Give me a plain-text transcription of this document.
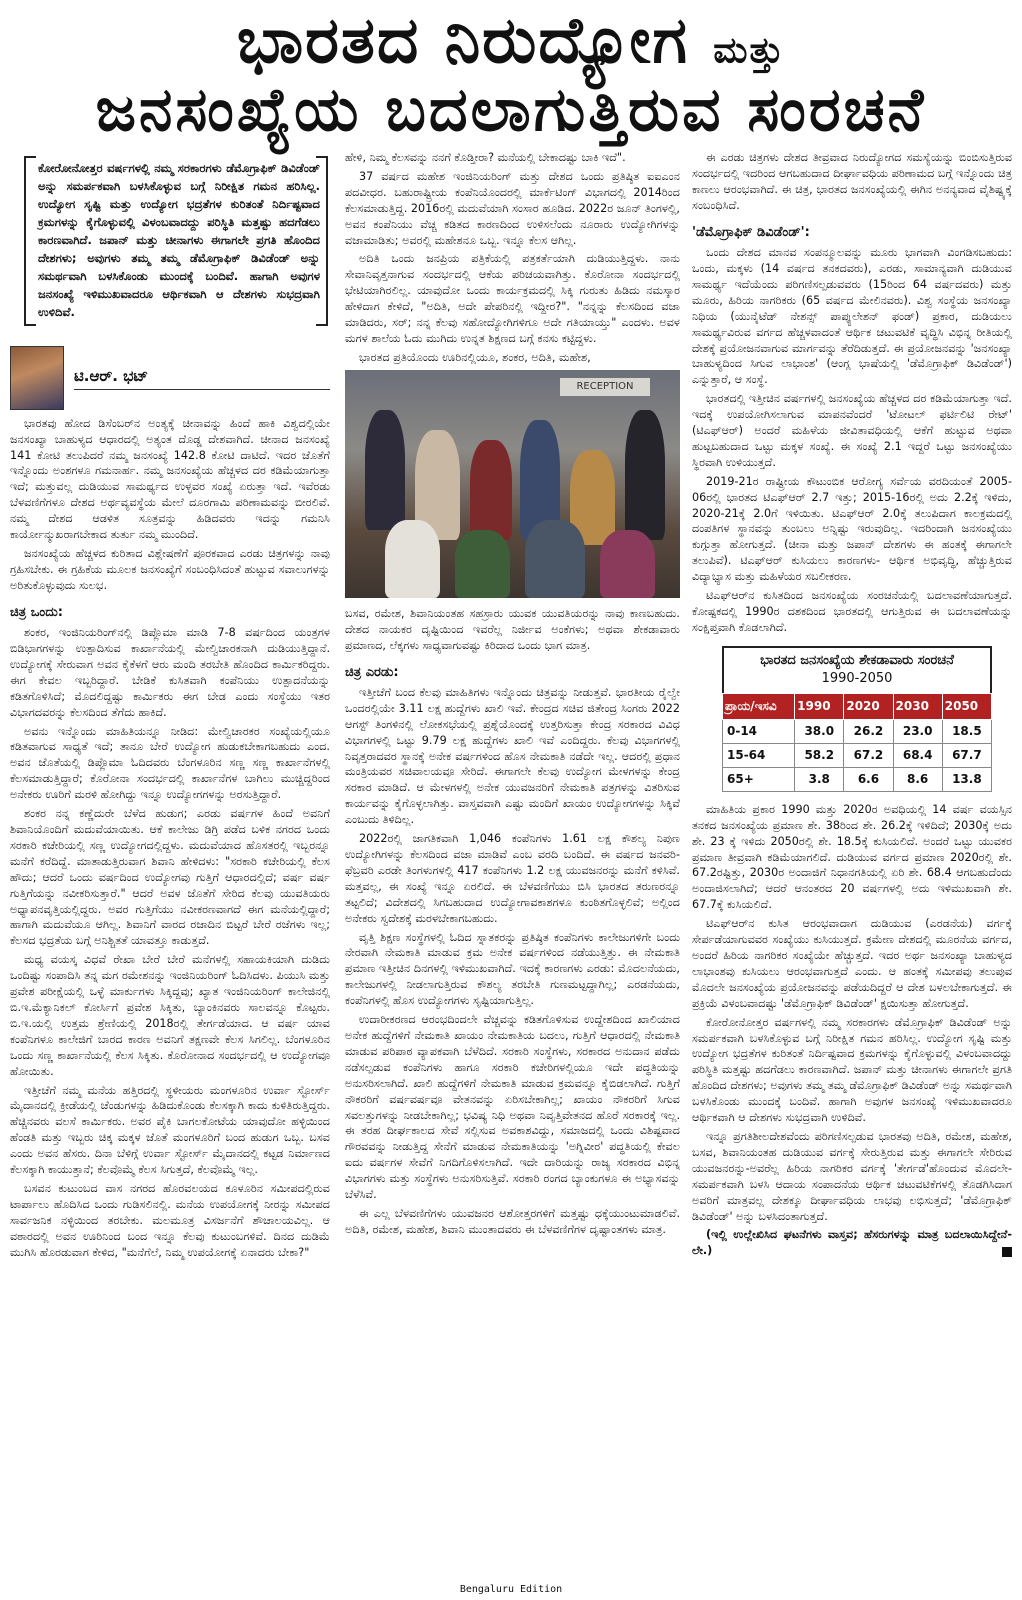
ಭಾರತದ ನಿರುದ್ಯೋಗ ಮತ್ತು
ಜನಸಂಖ್ಯೆಯ ಬದಲಾಗುತ್ತಿರುವ ಸಂರಚನೆ
ಕೋರೋನೋತ್ತರ ವರ್ಷಗಳಲ್ಲಿ ನಮ್ಮ ಸರಕಾರಗಳು ಡೆಮೊಗ್ರಾಫಿಕ್ ಡಿವಿಡೆಂಡ್ ಅನ್ನು ಸಮರ್ಪಕವಾಗಿ ಬಳಸಿಕೊಳ್ಳುವ ಬಗ್ಗೆ ನಿರೀಕ್ಷಿತ ಗಮನ ಹರಿಸಿಲ್ಲ. ಉದ್ಯೋಗ ಸೃಷ್ಟಿ ಮತ್ತು ಉದ್ಯೋಗ ಭದ್ರತೆಗಳ ಕುರಿತಂತೆ ನಿರ್ದಿಷ್ಟವಾದ ಕ್ರಮಗಳನ್ನು ಕೈಗೊಳ್ಳುವಲ್ಲಿ ವಿಳಂಬವಾದದ್ದು ಪರಿಸ್ಥಿತಿ ಮತ್ತಷ್ಟು ಹದಗೆಡಲು ಕಾರಣವಾಗಿದೆ. ಜಪಾನ್ ಮತ್ತು ಚೀನಾಗಳು ಈಗಾಗಲೇ ಪ್ರಗತಿ ಹೊಂದಿದ ದೇಶಗಳು; ಅವುಗಳು ತಮ್ಮ ತಮ್ಮ ಡೆಮೊಗ್ರಾಫಿಕ್ ಡಿವಿಡೆಂಡ್ ಅನ್ನು ಸಮರ್ಥವಾಗಿ ಬಳಸಿಕೊಂಡು ಮುಂದಕ್ಕೆ ಬಂದಿವೆ. ಹಾಗಾಗಿ ಅವುಗಳ ಜನಸಂಖ್ಯೆ ಇಳಿಮುಖವಾದರೂ ಆರ್ಥಿಕವಾಗಿ ಆ ದೇಶಗಳು ಸುಭದ್ರವಾಗಿ ಉಳಿದಿವೆ.
ಟಿ.ಆರ್. ಭಟ್

ಭಾರತವು ಹೋದ ಡಿಸೆಂಬರ್‌ನ ಅಂತ್ಯಕ್ಕೆ ಚೀನಾವನ್ನು ಹಿಂದೆ ಹಾಕಿ ವಿಶ್ವದಲ್ಲಿಯೇ ಜನಸಂಖ್ಯಾ ಬಾಹುಳ್ಯದ ಆಧಾರದಲ್ಲಿ ಅತ್ಯಂತ ದೊಡ್ಡ ದೇಶವಾಗಿದೆ. ಚೀನಾದ ಜನಸಂಖ್ಯೆ 141 ಕೋಟಿ ತಲುಪಿದರೆ ನಮ್ಮ ಜನಸಂಖ್ಯೆ 142.8 ಕೋಟಿ ದಾಟಿದೆ. ಇದರ ಜೊತೆಗೆ ಇನ್ನೊಂದು ಅಂಶಗಳೂ ಗಮನಾರ್ಹ. ನಮ್ಮ ಜನಸಂಖ್ಯೆಯ ಹೆಚ್ಚಳದ ದರ ಕಡಿಮೆಯಾಗುತ್ತಾ ಇದೆ; ಮತ್ತುವಲ್ಲ ದುಡಿಯುವ ಸಾಮರ್ಥ್ಯದ ಉಳ್ಳವರ ಸಂಖ್ಯೆ ಏರುತ್ತಾ ಇದೆ. ಇವೆರಡು ಬೆಳವಣಿಗೆಗಳೂ ದೇಶದ ಅರ್ಥವ್ಯವಸ್ಥೆಯ ಮೇಲೆ ದೂರಗಾಮಿ ಪರಿಣಾಮವನ್ನು ಬೀರಲಿವೆ. ನಮ್ಮ ದೇಶದ ಆಡಳಿತ ಸೂತ್ರವನ್ನು ಹಿಡಿದವರು ಇದನ್ನು ಗಮನಿಸಿ ಕಾರ್ಯೋನ್ಮುಖರಾಗಬೇಕಾದ ತುರ್ತು ನಮ್ಮ ಮುಂದಿದೆ.

ಜನಸಂಖ್ಯೆಯ ಹೆಚ್ಚಳದ ಕುರಿತಾದ ವಿಶ್ಲೇಷಣೆಗೆ ಪೂರಕವಾದ ಎರಡು ಚಿತ್ರಗಳನ್ನು ನಾವು ಗ್ರಹಿಸಬೇಕು. ಈ ಗ್ರಹಿಕೆಯ ಮೂಲಕ ಜನಸಂಖ್ಯೆಗೆ ಸಂಬಂಧಿಸಿದಂತೆ ಹುಟ್ಟುವ ಸವಾಲುಗಳನ್ನು ಅರಿತುಕೊಳ್ಳುವುದು ಸುಲಭ.

ಚಿತ್ರ ಒಂದು:

ಶಂಕರ, ಇಂಜಿನಿಯರಿಂಗ್‌ನಲ್ಲಿ ಡಿಪ್ಲೊಮಾ ಮಾಡಿ 7-8 ವರ್ಷದಿಂದ ಯಂತ್ರಗಳ ಬಿಡಿಭಾಗಗಳನ್ನು ಉತ್ಪಾದಿಸುವ ಕಾರ್ಖಾನೆಯಲ್ಲಿ ಮೇಲ್ವಿಚಾರಕನಾಗಿ ದುಡಿಯುತ್ತಿದ್ದಾನೆ. ಉದ್ಯೋಗಕ್ಕೆ ಸೇರುವಾಗ ಅವನ ಕೈಕೆಳಗೆ ಆರು ಮಂದಿ ತರಬೇತಿ ಹೊಂದಿದ ಕಾರ್ಮಿಕರಿದ್ದರು. ಈಗ ಕೇವಲ ಇಬ್ಬರಿದ್ದಾರೆ. ಬೇಡಿಕೆ ಕುಸಿತವಾಗಿ ಕಂಪೆನಿಯು ಉತ್ಪಾದನೆಯನ್ನು ಕಡಿತಗೊಳಿಸಿದೆ; ಮೊದಲಿದ್ದಷ್ಟು ಕಾರ್ಮಿಕರು ಈಗ ಬೇಡ ಎಂದು ಸಂಸ್ಥೆಯು ಇತರ ವಿಭಾಗದವರನ್ನು ಕೆಲಸದಿಂದ ತೆಗೆದು ಹಾಕಿದೆ.

ಅವನು ಇನ್ನೊಂದು ಮಾಹಿತಿಯನ್ನೂ ನೀಡಿದ: ಮೇಲ್ವಿಚಾರಕರ ಸಂಖ್ಯೆಯಲ್ಲಿಯೂ ಕಡಿತವಾಗುವ ಸಾಧ್ಯತೆ ಇದೆ; ತಾನೂ ಬೇರೆ ಉದ್ಯೋಗ ಹುಡುಕಬೇಕಾಗಬಹುದು ಎಂದ. ಅವನ ಜೊತೆಯಲ್ಲಿ ಡಿಪ್ಲೊಮಾ ಓದಿದವರು ಬೆಂಗಳೂರಿನ ಸಣ್ಣ ಸಣ್ಣ ಕಾರ್ಖಾನೆಗಳಲ್ಲಿ ಕೆಲಸಮಾಡುತ್ತಿದ್ದಾರೆ; ಕೊರೋನಾ ಸಂದರ್ಭದಲ್ಲಿ ಕಾರ್ಖಾನೆಗಳ ಬಾಗಿಲು ಮುಚ್ಚಿದ್ದರಿಂದ ಅನೇಕರು ಊರಿಗೆ ಮರಳಿ ಹೋಗಿದ್ದು ಇನ್ನೂ ಉದ್ಯೋಗಗಳನ್ನು ಅರಸುತ್ತಿದ್ದಾರೆ.

ಶಂಕರ ನನ್ನ ಕಣ್ಣೆದುರೇ ಬೆಳೆದ ಹುಡುಗ; ಎರಡು ವರ್ಷಗಳ ಹಿಂದೆ ಅವನಿಗೆ ಶಿವಾನಿಯೊಂದಿಗೆ ಮದುವೆಯಾಯಿತು. ಆಕೆ ಕಾಲೇಜು ಡಿಗ್ರಿ ಪಡೆದ ಬಳಿಕ ನಗರದ ಒಂದು ಸರಕಾರಿ ಕಚೇರಿಯಲ್ಲಿ ಸಣ್ಣ ಉದ್ಯೋಗದಲ್ಲಿದ್ದಳು. ಮದುವೆಯಾದ ಹೊಸತರಲ್ಲಿ ಇಬ್ಬರನ್ನೂ ಮನೆಗೆ ಕರೆದಿದ್ದೆ. ಮಾತಾಡುತ್ತಿರುವಾಗ ಶಿವಾನಿ ಹೇಳಿದಳು: "ಸರಕಾರಿ ಕಚೇರಿಯಲ್ಲಿ ಕೆಲಸ ಹೌದು; ಆದರೆ ಒಂದು ವರ್ಷದಿಂದ ಉದ್ಯೋಗವು ಗುತ್ತಿಗೆ ಆಧಾರದಲ್ಲಿದೆ; ವರ್ಷ ವರ್ಷ ಗುತ್ತಿಗೆಯನ್ನು ನವೀಕರಿಸುತ್ತಾರೆ." ಆದರೆ ಅವಳ ಜೊತೆಗೆ ಸೇರಿದ ಕೆಲವು ಯುವತಿಯರು ಅಧ್ಯಾಪನವೃತ್ತಿಯಲ್ಲಿದ್ದರು. ಅವರ ಗುತ್ತಿಗೆಯು ನವೀಕರಣವಾಗದೆ ಈಗ ಮನೆಯಲ್ಲಿದ್ದಾರೆ; ಹಾಗಾಗಿ ಮದುವೆಯೂ ಆಗಿಲ್ಲ. ಶಿವಾನಿಗೆ ವಾರದ ರಜಾದಿನ ಬಿಟ್ಟರೆ ಬೇರೆ ರಜೆಗಳು ಇಲ್ಲ; ಕೆಲಸದ ಭದ್ರತೆಯ ಬಗ್ಗೆ ಅನಿಶ್ಚಿತತೆ ಯಾವತ್ತೂ ಕಾಡುತ್ತದೆ.

ಮಧ್ಯ ವಯಸ್ಕ ವಿಧವೆ ರೇಖಾ ಬೇರೆ ಬೇರೆ ಮನೆಗಳಲ್ಲಿ ಸಹಾಯಕಿಯಾಗಿ ದುಡಿದು ಒಂದಿಷ್ಟು ಸಂಪಾದಿಸಿ ತನ್ನ ಮಗ ರಮೇಶನನ್ನು ಇಂಜಿನಿಯರಿಂಗ್ ಓದಿಸಿದಳು. ಪಿಯುಸಿ ಮತ್ತು ಪ್ರವೇಶ ಪರೀಕ್ಷೆಯಲ್ಲಿ ಒಳ್ಳೆ ಮಾರ್ಕುಗಳು ಸಿಕ್ಕಿದ್ದವು; ಖ್ಯಾತ ಇಂಜಿನಿಯರಿಂಗ್ ಕಾಲೇಜಿನಲ್ಲಿ ಬಿ.ಇ.ಮೆಕ್ಯಾನಿಕಲ್ ಕೋರ್ಸಿಗೆ ಪ್ರವೇಶ ಸಿಕ್ಕಿತು, ಬ್ಯಾಂಕಿನವರು ಸಾಲವನ್ನೂ ಕೊಟ್ಟರು. ಬಿ.ಇ.ಯಲ್ಲಿ ಉತ್ತಮ ಶ್ರೇಣಿಯಲ್ಲಿ 2018ರಲ್ಲಿ ತೇರ್ಗಡೆಯಾದ. ಆ ವರ್ಷ ಯಾವ ಕಂಪೆನಿಗಳೂ ಕಾಲೇಜಿಗೆ ಬಾರದ ಕಾರಣ ಅವನಿಗೆ ತಕ್ಷಣವೇ ಕೆಲಸ ಸಿಗಲಿಲ್ಲ. ಬೆಂಗಳೂರಿನ ಒಂದು ಸಣ್ಣ ಕಾರ್ಖಾನೆಯಲ್ಲಿ ಕೆಲಸ ಸಿಕ್ಕಿತು. ಕೊರೋನಾದ ಸಂದರ್ಭದಲ್ಲಿ ಆ ಉದ್ಯೋಗವೂ ಹೋಯಿತು.

ಇತ್ತೀಚೆಗೆ ನಮ್ಮ ಮನೆಯ ಹತ್ತಿರದಲ್ಲಿ ಸ್ಥಳೀಯರು ಮಂಗಳೂರಿನ ಉರ್ವಾ ಸ್ಟೋರ್ಸ್ ಮೈದಾನದಲ್ಲಿ ಕ್ರೀಡೆಯಲ್ಲಿ ಚೆಂಡುಗಳನ್ನು ಹಿಡಿದುಕೊಂಡು ಕೆಲಸಕ್ಕಾಗಿ ಕಾದು ಕುಳಿತಿರುತ್ತಿದ್ದರು. ಹೆಚ್ಚಿನವರು ವಲಸೆ ಕಾರ್ಮಿಕರು. ಅವರ ಪೈಕಿ ಬಾಗಲಕೋಟೆಯ ಯಾವುದೋ ಹಳ್ಳಿಯಿಂದ ಹೆಂಡತಿ ಮತ್ತು ಇಬ್ಬರು ಚಿಕ್ಕ ಮಕ್ಕಳ ಜೊತೆ ಮಂಗಳೂರಿಗೆ ಬಂದ ಹುಡುಗ ಒಬ್ಬ. ಬಸವ ಎಂದು ಅವನ ಹೆಸರು. ದಿನಾ ಬೆಳಿಗ್ಗೆ ಉರ್ವಾ ಸ್ಟೋರ್ಸ್ ಮೈದಾನದಲ್ಲಿ ಕಟ್ಟಡ ನಿರ್ಮಾಣದ ಕೆಲಸಕ್ಕಾಗಿ ಕಾಯುತ್ತಾನೆ; ಕೆಲವೊಮ್ಮೆ ಕೆಲಸ ಸಿಗುತ್ತದೆ, ಕೆಲವೊಮ್ಮೆ ಇಲ್ಲ.

ಬಸವನ ಕುಟುಂಬದ ವಾಸ ನಗರದ ಹೊರವಲಯದ ಕೂಳೂರಿನ ಸಮೀಪದಲ್ಲಿರುವ ಟಾರ್ಪಾಲು ಹೊದಿಸಿದ ಒಂದು ಗುಡಿಸಲಿನಲ್ಲಿ. ಮನೆಯ ಉಪಯೋಗಕ್ಕೆ ನೀರನ್ನು ಸಮೀಪದ ಸಾರ್ವಜನಿಕ ನಳ್ಳಿಯಿಂದ ತರಬೇಕು. ಮಲಮೂತ್ರ ವಿಸರ್ಜನೆಗೆ ಶೌಚಾಲಯವಿಲ್ಲ. ಆ ವಠಾರದಲ್ಲಿ ಅವನ ಊರಿನಿಂದ ಬಂದ ಇನ್ನೂ ಕೆಲವು ಕುಟುಂಬಗಳಿವೆ. ದಿನದ ದುಡಿಮೆ ಮುಗಿಸಿ ಹೊರಡುವಾಗ ಕೇಳಿದ, "ಮನೆಗೆಲೆ, ನಿಮ್ಮ ಉಪಯೋಗಕ್ಕೆ ಏನಾದರು ಬೇಕಾ?"

ಹೇಳಿ, ನಿಮ್ಮ ಕೆಲಸವನ್ನು ನನಗೆ ಕೊಡ್ತೀರಾ? ಮನೆಯಲ್ಲಿ ಬೇಕಾದಷ್ಟು ಬಾಕಿ ಇದೆ".

37 ವರ್ಷದ ಮಹೇಶ ಇಂಜಿನಿಯರಿಂಗ್ ಮತ್ತು ದೇಶದ ಒಂದು ಪ್ರತಿಷ್ಠಿತ ಐಐಎಂನ ಪದವೀಧರ. ಬಹುರಾಷ್ಟ್ರೀಯ ಕಂಪೆನಿಯೊಂದರಲ್ಲಿ ಮಾರ್ಕೆಟಿಂಗ್ ವಿಭಾಗದಲ್ಲಿ 2014ರಿಂದ ಕೆಲಸಮಾಡುತ್ತಿದ್ದ. 2016ರಲ್ಲಿ ಮದುವೆಯಾಗಿ ಸಂಸಾರ ಹೂಡಿದ. 2022ರ ಜೂನ್ ತಿಂಗಳಲ್ಲಿ, ಅವನ ಕಂಪೆನಿಯು ವೆಚ್ಚ ಕಡಿತದ ಕಾರಣದಿಂದ ಉಳಿಸಲೆಂದು ನೂರಾರು ಉದ್ಯೋಗಿಗಳನ್ನು ವಜಾಮಾಡಿತು; ಅವರಲ್ಲಿ ಮಹೇಶನೂ ಒಬ್ಬ. ಇನ್ನೂ ಕೆಲಸ ಆಗಿಲ್ಲ.

ಅದಿತಿ ಒಂದು ಜನಪ್ರಿಯ ಪತ್ರಿಕೆಯಲ್ಲಿ ಪತ್ರಕರ್ತೆಯಾಗಿ ದುಡಿಯುತ್ತಿದ್ದಳು. ನಾನು ಸೇವಾನಿವೃತ್ತನಾಗುವ ಸಂದರ್ಭದಲ್ಲಿ ಆಕೆಯ ಪರಿಚಯವಾಗಿತ್ತು. ಕೊರೋನಾ ಸಂದರ್ಭದಲ್ಲಿ ಭೇಟಿಯಾಗಿರಲಿಲ್ಲ. ಯಾವುದೋ ಒಂದು ಕಾರ್ಯಕ್ರಮದಲ್ಲಿ ಸಿಕ್ಕಿ ಗುರುತು ಹಿಡಿದು ನಮಸ್ಕಾರ ಹೇಳಿದಾಗ ಕೇಳಿದೆ, "ಅದಿತಿ, ಅದೇ ಪೇಪರಿನಲ್ಲಿ ಇದ್ದೀರ?". "ನನ್ನನ್ನು ಕೆಲಸದಿಂದ ವಜಾ ಮಾಡಿದರು, ಸರ್; ನನ್ನ ಕೆಲವು ಸಹೋದ್ಯೋಗಿಗಳಿಗೂ ಅದೇ ಗತಿಯಾಯ್ತು" ಎಂದಳು. ಅವಳ ಮಗಳ ಶಾಲೆಯ ಓದು ಮುಗಿದು ಉನ್ನತ ಶಿಕ್ಷಣದ ಬಗ್ಗೆ ಕನಸು ಕಟ್ಟಿದ್ದಳು.

ಭಾರತದ ಪ್ರತಿಯೊಂದು ಊರಿನಲ್ಲಿಯೂ, ಶಂಕರ, ಅದಿತಿ, ಮಹೇಶ,

RECEPTION

ಬಸವ, ರಮೇಶ, ಶಿವಾನಿಯಂತಹ ಸಹಸ್ರಾರು ಯುವಕ ಯುವತಿಯರನ್ನು ನಾವು ಕಾಣಬಹುದು. ದೇಶದ ನಾಯಕರ ದೃಷ್ಟಿಯಿಂದ ಇವರೆಲ್ಲ ನಿರ್ಜೀವ ಅಂಕೆಗಳು; ಅಥವಾ ಶೇಕಡಾವಾರು ಪ್ರಮಾಣದ, ಲೆಕ್ಕಗಳು ಸಾಧ್ಯವಾಗುವಷ್ಟು ಕಿರಿದಾದ ಒಂದು ಭಾಗ ಮಾತ್ರ.

ಚಿತ್ರ ಎರಡು:

ಇತ್ತೀಚೆಗೆ ಬಂದ ಕೆಲವು ಮಾಹಿತಿಗಳು ಇನ್ನೊಂದು ಚಿತ್ರವನ್ನು ನೀಡುತ್ತವೆ. ಭಾರತೀಯ ರೈಲ್ವೇ ಒಂದರಲ್ಲಿಯೇ 3.11 ಲಕ್ಷ ಹುದ್ದೆಗಳು ಖಾಲಿ ಇವೆ. ಕೇಂದ್ರದ ಸಚಿವ ಜಿತೇಂದ್ರ ಸಿಂಗರು 2022 ಆಗಸ್ಟ್ ತಿಂಗಳಿನಲ್ಲಿ ಲೋಕಸಭೆಯಲ್ಲಿ ಪ್ರಶ್ನೆಯೊಂದಕ್ಕೆ ಉತ್ತರಿಸುತ್ತಾ ಕೇಂದ್ರ ಸರಕಾರದ ವಿವಿಧ ವಿಭಾಗಗಳಲ್ಲಿ ಒಟ್ಟು 9.79 ಲಕ್ಷ ಹುದ್ದೆಗಳು ಖಾಲಿ ಇವೆ ಎಂದಿದ್ದರು. ಕೆಲವು ವಿಭಾಗಗಳಲ್ಲಿ ನಿವೃತ್ತರಾದವರ ಸ್ಥಾನಕ್ಕೆ ಅನೇಕ ವರ್ಷಗಳಿಂದ ಹೊಸ ನೇಮಕಾತಿ ನಡೆದೇ ಇಲ್ಲ. ಆದರಲ್ಲಿ ಪ್ರಧಾನ ಮಂತ್ರಿಯವರ ಸಚಿವಾಲಯವೂ ಸೇರಿದೆ. ಈಗಾಗಲೇ ಕೆಲವು ಉದ್ಯೋಗ ಮೇಳಗಳನ್ನು ಕೇಂದ್ರ ಸರಕಾರ ಮಾಡಿದೆ. ಆ ಮೇಳಗಳಲ್ಲಿ ಅನೇಕ ಯುವಜನರಿಗೆ ನೇಮಕಾತಿ ಪತ್ರಗಳನ್ನು ವಿತರಿಸುವ ಕಾರ್ಯವನ್ನು ಕೈಗೊಳ್ಳಲಾಗಿತ್ತು. ವಾಸ್ತವವಾಗಿ ಎಷ್ಟು ಮಂದಿಗೆ ಖಾಯಂ ಉದ್ಯೋಗಗಳನ್ನು ಸಿಕ್ಕಿವೆ ಎಂಬುದು ತಿಳಿದಿಲ್ಲ.

2022ರಲ್ಲಿ ಜಾಗತಿಕವಾಗಿ 1,046 ಕಂಪೆನಿಗಳು 1.61 ಲಕ್ಷ ಕೌಶಲ್ಯ ನಿಪುಣ ಉದ್ಯೋಗಿಗಳನ್ನು ಕೆಲಸದಿಂದ ವಜಾ ಮಾಡಿವೆ ಎಂಬ ವರದಿ ಬಂದಿದೆ. ಈ ವರ್ಷದ ಜನವರಿ-ಫೆಬ್ರವರಿ ಎರಡೇ ತಿಂಗಳುಗಳಲ್ಲಿ 417 ಕಂಪೆನಿಗಳು 1.2 ಲಕ್ಷ ಯುವಜನರನ್ನು ಮನೆಗೆ ಕಳಿಸಿವೆ. ಮತ್ತವಲ್ಲ, ಈ ಸಂಖ್ಯೆ ಇನ್ನೂ ಏರಲಿದೆ. ಈ ಬೆಳವಣಿಗೆಯು ಬಿಸಿ ಭಾರತದ ತರುಣರನ್ನೂ ತಟ್ಟಲಿದೆ; ವಿದೇಶದಲ್ಲಿ ಸಿಗಬಹುದಾದ ಉದ್ಯೋಗಾವಕಾಶಗಳೂ ಕುಂಠಿತಗೊಳ್ಳಲಿವೆ; ಅಲ್ಲಿಂದ ಅನೇಕರು ಸ್ವದೇಶಕ್ಕೆ ಮರಳಬೇಕಾಗಬಹುದು.

ವೃತ್ತಿ ಶಿಕ್ಷಣ ಸಂಸ್ಥೆಗಳಲ್ಲಿ ಓದಿದ ಸ್ನಾತಕರನ್ನು ಪ್ರತಿಷ್ಠಿತ ಕಂಪೆನಿಗಳು ಕಾಲೇಜುಗಳಿಗೇ ಬಂದು ನೇರವಾಗಿ ನೇಮಕಾತಿ ಮಾಡುವ ಕ್ರಮ ಅನೇಕ ವರ್ಷಗಳಿಂದ ನಡೆಯುತ್ತಿತ್ತು. ಈ ನೇಮಕಾತಿ ಪ್ರಮಾಣ ಇತ್ತೀಚಿನ ದಿನಗಳಲ್ಲಿ ಇಳಿಮುಖವಾಗಿದೆ. ಇದಕ್ಕೆ ಕಾರಣಗಳು ಎರಡು: ಮೊದಲನೆಯದು, ಕಾಲೇಜುಗಳಲ್ಲಿ ನೀಡಲಾಗುತ್ತಿರುವ ಕೌಶಲ್ಯ ತರಬೇತಿ ಗುಣಮಟ್ಟದ್ದಾಗಿಲ್ಲ; ಎರಡನೆಯದು, ಕಂಪೆನಿಗಳಲ್ಲಿ ಹೊಸ ಉದ್ಯೋಗಗಳು ಸೃಷ್ಟಿಯಾಗುತ್ತಿಲ್ಲ.

ಉದಾರೀಕರಣದ ಆರಂಭದಿಂದಲೇ ವೆಚ್ಚವನ್ನು ಕಡಿತಗೊಳಿಸುವ ಉದ್ದೇಶದಿಂದ ಖಾಲಿಯಾದ ಅನೇಕ ಹುದ್ದೆಗಳಿಗೆ ನೇಮಕಾತಿ ಖಾಯಂ ನೇಮಕಾತಿಯ ಬದಲು, ಗುತ್ತಿಗೆ ಆಧಾರದಲ್ಲಿ ನೇಮಕಾತಿ ಮಾಡುವ ಪರಿಪಾಠ ವ್ಯಾಪಕವಾಗಿ ಬೆಳೆದಿದೆ. ಸರಕಾರಿ ಸಂಸ್ಥೆಗಳು, ಸರಕಾರದ ಅನುದಾನ ಪಡೆದು ನಡೆಸಲ್ಪಡುವ ಕಂಪೆನಿಗಳು ಹಾಗೂ ಸರಕಾರಿ ಕಚೇರಿಗಳಲ್ಲಿಯೂ ಇದೇ ಪದ್ಧತಿಯನ್ನು ಅನುಸರಿಸಲಾಗಿದೆ. ಖಾಲಿ ಹುದ್ದೆಗಳಿಗೆ ನೇಮಕಾತಿ ಮಾಡುವ ಕ್ರಮವನ್ನೂ ಕೈಬಿಡಲಾಗಿದೆ. ಗುತ್ತಿಗೆ ನೌಕರರಿಗೆ ವರ್ಷವರ್ಷವೂ ವೇತನವನ್ನು ಏರಿಸಬೇಕಾಗಿಲ್ಲ; ಖಾಯಂ ನೌಕರರಿಗೆ ಸಿಗುವ ಸವಲತ್ತುಗಳನ್ನು ನೀಡಬೇಕಾಗಿಲ್ಲ; ಭವಿಷ್ಯ ನಿಧಿ ಅಥವಾ ನಿವೃತ್ತಿವೇತನದ ಹೊರೆ ಸರಕಾರಕ್ಕೆ ಇಲ್ಲ. ಈ ತರಹ ದೀರ್ಘಕಾಲದ ಸೇವೆ ಸಲ್ಲಿಸುವ ಅವಕಾಶವಿದ್ದು, ಸಮಾಜದಲ್ಲಿ ಒಂದು ವಿಶಿಷ್ಟವಾದ ಗೌರವವನ್ನು ನೀಡುತ್ತಿದ್ದ ಸೇನೆಗೆ ಮಾಡುವ ನೇಮಕಾತಿಯನ್ನು 'ಅಗ್ನಿವೀರ' ಪದ್ಧತಿಯಲ್ಲಿ ಕೇವಲ ಐದು ವರ್ಷಗಳ ಸೇವೆಗೆ ನಿಗದಿಗೊಳಿಸಲಾಗಿದೆ. ಇದೇ ದಾರಿಯನ್ನು ರಾಜ್ಯ ಸರಕಾರದ ವಿಭಿನ್ನ ವಿಭಾಗಗಳು ಮತ್ತು ಸಂಸ್ಥೆಗಳು ಅನುಸರಿಸುತ್ತಿವೆ. ಸರಕಾರಿ ರಂಗದ ಬ್ಯಾಂಕುಗಳೂ ಈ ಅಭ್ಯಾಸವನ್ನು ಬೆಳೆಸಿವೆ.

ಈ ಎಲ್ಲ ಬೆಳವಣಿಗೆಗಳು ಯುವಜನರ ಆಶೋತ್ತರಗಳಿಗೆ ಮತ್ತಷ್ಟು ಧಕ್ಕೆಯುಂಟುಮಾಡಲಿವೆ. ಅದಿತಿ, ರಮೇಶ, ಮಹೇಶ, ಶಿವಾನಿ ಮುಂತಾದವರು ಈ ಬೆಳವಣಿಗೆಗಳ ದೃಷ್ಟಾಂತಗಳು ಮಾತ್ರ.

ಈ ಎರಡು ಚಿತ್ರಗಳು ದೇಶದ ತೀವ್ರವಾದ ನಿರುದ್ಯೋಗದ ಸಮಸ್ಯೆಯನ್ನು ಬಿಂಬಿಸುತ್ತಿರುವ ಸಂದರ್ಭದಲ್ಲಿ ಇದರಿಂದ ಆಗಬಹುದಾದ ದೀರ್ಘಾವಧಿಯ ಪರಿಣಾಮದ ಬಗ್ಗೆ ಇನ್ನೊಂದು ಚಿತ್ರ ಕಾಣಲು ಆರಂಭವಾಗಿದೆ. ಈ ಚಿತ್ರ, ಭಾರತದ ಜನಸಂಖ್ಯೆಯಲ್ಲಿ ಈಗಿನ ಅನನ್ಯವಾದ ವೈಶಿಷ್ಟ್ಯಕ್ಕೆ ಸಂಬಂಧಿಸಿದೆ.

'ಡೆಮೊಗ್ರಾಫಿಕ್ ಡಿವಿಡೆಂಡ್':

ಒಂದು ದೇಶದ ಮಾನವ ಸಂಪನ್ಮೂಲವನ್ನು ಮೂರು ಭಾಗವಾಗಿ ವಿಂಗಡಿಸಬಹುದು: ಒಂದು, ಮಕ್ಕಳು (14 ವರ್ಷದ ತನಕದವರು), ಎರಡು, ಸಾಮಾನ್ಯವಾಗಿ ದುಡಿಯುವ ಸಾಮರ್ಥ್ಯ ಇದೆಯೆಂದು ಪರಿಗಣಿಸಲ್ಪಡುವವರು (15ರಿಂದ 64 ವರ್ಷದವರು) ಮತ್ತು ಮೂರು, ಹಿರಿಯ ನಾಗರಿಕರು (65 ವರ್ಷದ ಮೇಲಿನವರು). ವಿಶ್ವ ಸಂಸ್ಥೆಯ ಜನಸಂಖ್ಯಾ ನಿಧಿಯ (ಯುನೈಟೆಡ್ ನೇಶನ್ಸ್ ಪಾಪ್ಯುಲೇಶನ್ ಫಂಡ್) ಪ್ರಕಾರ, ದುಡಿಯಲು ಸಾಮರ್ಥ್ಯವಿರುವ ವರ್ಗದ ಹೆಚ್ಚಳವಾದಂತೆ ಆರ್ಥಿಕ ಚಟುವಟಿಕೆ ವೃದ್ಧಿಸಿ ವಿಭಿನ್ನ ರೀತಿಯಲ್ಲಿ ದೇಶಕ್ಕೆ ಪ್ರಯೋಜನವಾಗುವ ಮಾರ್ಗವನ್ನು ತೆರೆದಿಡುತ್ತದೆ. ಈ ಪ್ರಯೋಜನವನ್ನು 'ಜನಸಂಖ್ಯಾ ಬಾಹುಳ್ಯದಿಂದ ಸಿಗುವ ಲಾಭಾಂಶ' (ಆಂಗ್ಲ ಭಾಷೆಯಲ್ಲಿ 'ಡೆಮೊಗ್ರಾಫಿಕ್ ಡಿವಿಡೆಂಡ್') ಎನ್ನುತ್ತಾರೆ, ಆ ಸಂಸ್ಥೆ.

ಭಾರತದಲ್ಲಿ ಇತ್ತೀಚಿನ ವರ್ಷಗಳಲ್ಲಿ ಜನಸಂಖ್ಯೆಯ ಹೆಚ್ಚಳದ ದರ ಕಡಿಮೆಯಾಗುತ್ತಾ ಇದೆ. ಇದಕ್ಕೆ ಉಪಯೋಗಿಸಲಾಗುವ ಮಾಪನವೆಂದರೆ 'ಟೋಟಲ್ ಫರ್ಟಿಲಿಟಿ ರೇಟ್' (ಟಿಎಫ್‌ಆರ್) ಅಂದರೆ ಮಹಿಳೆಯ ಜೀವಿತಾವಧಿಯಲ್ಲಿ ಆಕೆಗೆ ಹುಟ್ಟುವ ಅಥವಾ ಹುಟ್ಟಬಹುದಾದ ಒಟ್ಟು ಮಕ್ಕಳ ಸಂಖ್ಯೆ. ಈ ಸಂಖ್ಯೆ 2.1 ಇದ್ದರೆ ಒಟ್ಟು ಜನಸಂಖ್ಯೆಯು ಸ್ಥಿರವಾಗಿ ಉಳಿಯುತ್ತದೆ.

2019-21ರ ರಾಷ್ಟ್ರೀಯ ಕೌಟುಂಬಿಕ ಆರೋಗ್ಯ ಸರ್ವೆಯ ವರದಿಯಂತೆ 2005-06ರಲ್ಲಿ ಭಾರತದ ಟಿಎಫ್‌ಆರ್ 2.7 ಇತ್ತು; 2015-16ರಲ್ಲಿ ಅದು 2.2ಕ್ಕೆ ಇಳಿದು, 2020-21ಕ್ಕೆ 2.0ಗೆ ಇಳಿಯಿತು. ಟಿಎಫ್‌ಆರ್ 2.0ಕ್ಕೆ ತಲುಪಿದಾಗ ಕಾಲಕ್ರಮದಲ್ಲಿ ದಂಪತಿಗಳ ಸ್ಥಾನವನ್ನು ತುಂಬಲು ಅನ್ನಿಷ್ಟು ಇರುವುದಿಲ್ಲ. ಇದರಿಂದಾಗಿ ಜನಸಂಖ್ಯೆಯು ಕುಗ್ಗುತ್ತಾ ಹೋಗುತ್ತದೆ. (ಚೀನಾ ಮತ್ತು ಜಪಾನ್ ದೇಶಗಳು ಈ ಹಂತಕ್ಕೆ ಈಗಾಗಲೇ ತಲುಪಿವೆ). ಟಿಎಫ್‌ಆರ್ ಕುಸಿಯಲು ಕಾರಣಗಳು- ಆರ್ಥಿಕ ಅಭಿವೃದ್ಧಿ, ಹೆಚ್ಚುತ್ತಿರುವ ವಿದ್ಯಾಭ್ಯಾಸ ಮತ್ತು ಮಹಿಳೆಯರ ಸಬಲೀಕರಣ.

ಟಿಎಫ್‌ಆರ್‌ನ ಕುಸಿತದಿಂದ ಜನಸಂಖ್ಯೆಯ ಸಂರಚನೆಯಲ್ಲಿ ಬದಲಾವಣೆಯಾಗುತ್ತದೆ. ಕೋಷ್ಟಕದಲ್ಲಿ 1990ರ ದಶಕದಿಂದ ಭಾರತದಲ್ಲಿ ಆಗುತ್ತಿರುವ ಈ ಬದಲಾವಣೆಯನ್ನು ಸಂಕ್ಷಿಪ್ತವಾಗಿ ಕೊಡಲಾಗಿದೆ.

ಭಾರತದ ಜನಸಂಖ್ಯೆಯ ಶೇಕಡಾವಾರು ಸಂರಚನೆ
1990-2050
ಪ್ರಾಯ/ಇಸವಿ	1990	2020	2030	2050
0-14	38.0	26.2	23.0	18.5
15-64	58.2	67.2	68.4	67.7
65+	3.8	6.6	8.6	13.8

ಮಾಹಿತಿಯ ಪ್ರಕಾರ 1990 ಮತ್ತು 2020ರ ಅವಧಿಯಲ್ಲಿ 14 ವರ್ಷ ವಯಸ್ಸಿನ ತನಕದ ಜನಸಂಖ್ಯೆಯ ಪ್ರಮಾಣ ಶೇ. 38ರಿಂದ ಶೇ. 26.2ಕ್ಕೆ ಇಳಿದಿದೆ; 2030ಕ್ಕೆ ಅದು ಶೇ. 23 ಕ್ಕೆ ಇಳಿದು 2050ರಲ್ಲಿ ಶೇ. 18.5ಕ್ಕೆ ಕುಸಿಯಲಿದೆ. ಅಂದರೆ ಒಟ್ಟು ಯುವಕರ ಪ್ರಮಾಣ ತೀವ್ರವಾಗಿ ಕಡಿಮೆಯಾಗಲಿದೆ. ದುಡಿಯುವ ವರ್ಗದ ಪ್ರಮಾಣ 2020ರಲ್ಲಿ ಶೇ. 67.2ರಷ್ಟಿತ್ತು, 2030ರ ಅಂದಾಜಿಗೆ ನಿಧಾನಗತಿಯಲ್ಲಿ ಏರಿ ಶೇ. 68.4 ಆಗಬಹುದೆಂದು ಅಂದಾಜಿಸಲಾಗಿದೆ; ಆದರೆ ಆನಂತರದ 20 ವರ್ಷಗಳಲ್ಲಿ ಅದು ಇಳಿಮುಖವಾಗಿ ಶೇ. 67.7ಕ್ಕೆ ಕುಸಿಯಲಿದೆ.

ಟಿಎಫ್‌ಆರ್‌ನ ಕುಸಿತ ಆರಂಭವಾದಾಗ ದುಡಿಯುವ (ಎರಡನೆಯ) ವರ್ಗಕ್ಕೆ ಸೇರ್ಪಡೆಯಾಗುವವರ ಸಂಖ್ಯೆಯು ಕುಸಿಯುತ್ತದೆ. ಕ್ರಮೇಣ ದೇಶದಲ್ಲಿ ಮೂರನೆಯ ವರ್ಗದ, ಅಂದರೆ ಹಿರಿಯ ನಾಗರಿಕರ ಸಂಖ್ಯೆಯೇ ಹೆಚ್ಚುತ್ತದೆ. ಇದರ ಅರ್ಥ ಜನಸಂಖ್ಯಾ ಬಾಹುಳ್ಯದ ಲಾಭಾಂಶವು ಕುಸಿಯಲು ಆರಂಭವಾಗುತ್ತದೆ ಎಂದು. ಆ ಹಂತಕ್ಕೆ ಸಮೀಪವು ತಲುಪುವ ಮೊದಲೇ ಜನಸಂಖ್ಯೆಯ ಪ್ರಯೋಜನವನ್ನು ಪಡೆಯದಿದ್ದರೆ ಆ ದೇಶ ಬಳಲಬೇಕಾಗುತ್ತದೆ. ಈ ಪ್ರಕ್ರಿಯೆ ವಿಳಂಬವಾದಷ್ಟು 'ಡೆಮೊಗ್ರಾಫಿಕ್ ಡಿವಿಡೆಂಡ್' ಕ್ಷಯಿಸುತ್ತಾ ಹೋಗುತ್ತದೆ.

ಕೋರೋನೋತ್ತರ ವರ್ಷಗಳಲ್ಲಿ ನಮ್ಮ ಸರಕಾರಗಳು ಡೆಮೊಗ್ರಾಫಿಕ್ ಡಿವಿಡೆಂಡ್ ಅನ್ನು ಸಮರ್ಪಕವಾಗಿ ಬಳಸಿಕೊಳ್ಳುವ ಬಗ್ಗೆ ನಿರೀಕ್ಷಿತ ಗಮನ ಹರಿಸಿಲ್ಲ. ಉದ್ಯೋಗ ಸೃಷ್ಟಿ ಮತ್ತು ಉದ್ಯೋಗ ಭದ್ರತೆಗಳ ಕುರಿತಂತೆ ನಿರ್ದಿಷ್ಟವಾದ ಕ್ರಮಗಳನ್ನು ಕೈಗೊಳ್ಳುವಲ್ಲಿ ವಿಳಂಬವಾದದ್ದು ಪರಿಸ್ಥಿತಿ ಮತ್ತಷ್ಟು ಹದಗೆಡಲು ಕಾರಣವಾಗಿದೆ. ಜಪಾನ್ ಮತ್ತು ಚೀನಾಗಳು ಈಗಾಗಲೇ ಪ್ರಗತಿ ಹೊಂದಿದ ದೇಶಗಳು; ಅವುಗಳು ತಮ್ಮ ತಮ್ಮ ಡೆಮೊಗ್ರಾಫಿಕ್ ಡಿವಿಡೆಂಡ್ ಅನ್ನು ಸಮರ್ಥವಾಗಿ ಬಳಸಿಕೊಂಡು ಮುಂದಕ್ಕೆ ಬಂದಿವೆ. ಹಾಗಾಗಿ ಅವುಗಳ ಜನಸಂಖ್ಯೆ ಇಳಿಮುಖವಾದರೂ ಆರ್ಥಿಕವಾಗಿ ಆ ದೇಶಗಳು ಸುಭದ್ರವಾಗಿ ಉಳಿದಿವೆ.

ಇನ್ನೂ ಪ್ರಗತಿಶೀಲದೇಶವೆಂದು ಪರಿಗಣಿಸಲ್ಪಡುವ ಭಾರತವು ಅದಿತಿ, ರಮೇಶ, ಮಹೇಶ, ಬಸವ, ಶಿವಾನಿಯಂತಹ ದುಡಿಯುವ ವರ್ಗಕ್ಕೆ ಸೇರುತ್ತಿರುವ ಮತ್ತು ಈಗಾಗಲೇ ಸೇರಿರುವ ಯುವಜನರನ್ನು-ಅವರೆಲ್ಲ ಹಿರಿಯ ನಾಗರಿಕರ ವರ್ಗಕ್ಕೆ 'ತೇರ್ಗಡೆ'ಹೊಂದುವ ಮೊದಲೇ- ಸಮರ್ಪಕವಾಗಿ ಬಳಸಿ ಆದಾಯ ಸಂಪಾದನೆಯ ಆರ್ಥಿಕ ಚಟುವಟಿಕೆಗಳಲ್ಲಿ ತೊಡಗಿಸಿದಾಗ ಅವರಿಗೆ ಮಾತ್ರವಲ್ಲ ದೇಶಕ್ಕೂ ದೀರ್ಘಾವಧಿಯ ಲಾಭವು ಲಭಿಸುತ್ತದೆ; 'ಡೆಮೊಗ್ರಾಫಿಕ್ ಡಿವಿಡೆಂಡ್' ಅನ್ನು ಬಳಸಿದಂತಾಗುತ್ತದೆ.

(ಇಲ್ಲಿ ಉಲ್ಲೇಖಿಸಿದ ಘಟನೆಗಳು ವಾಸ್ತವ; ಹೆಸರುಗಳನ್ನು ಮಾತ್ರ ಬದಲಾಯಿಸಿದ್ದೇನೆ-ಲೇ.)

Bengaluru Edition
